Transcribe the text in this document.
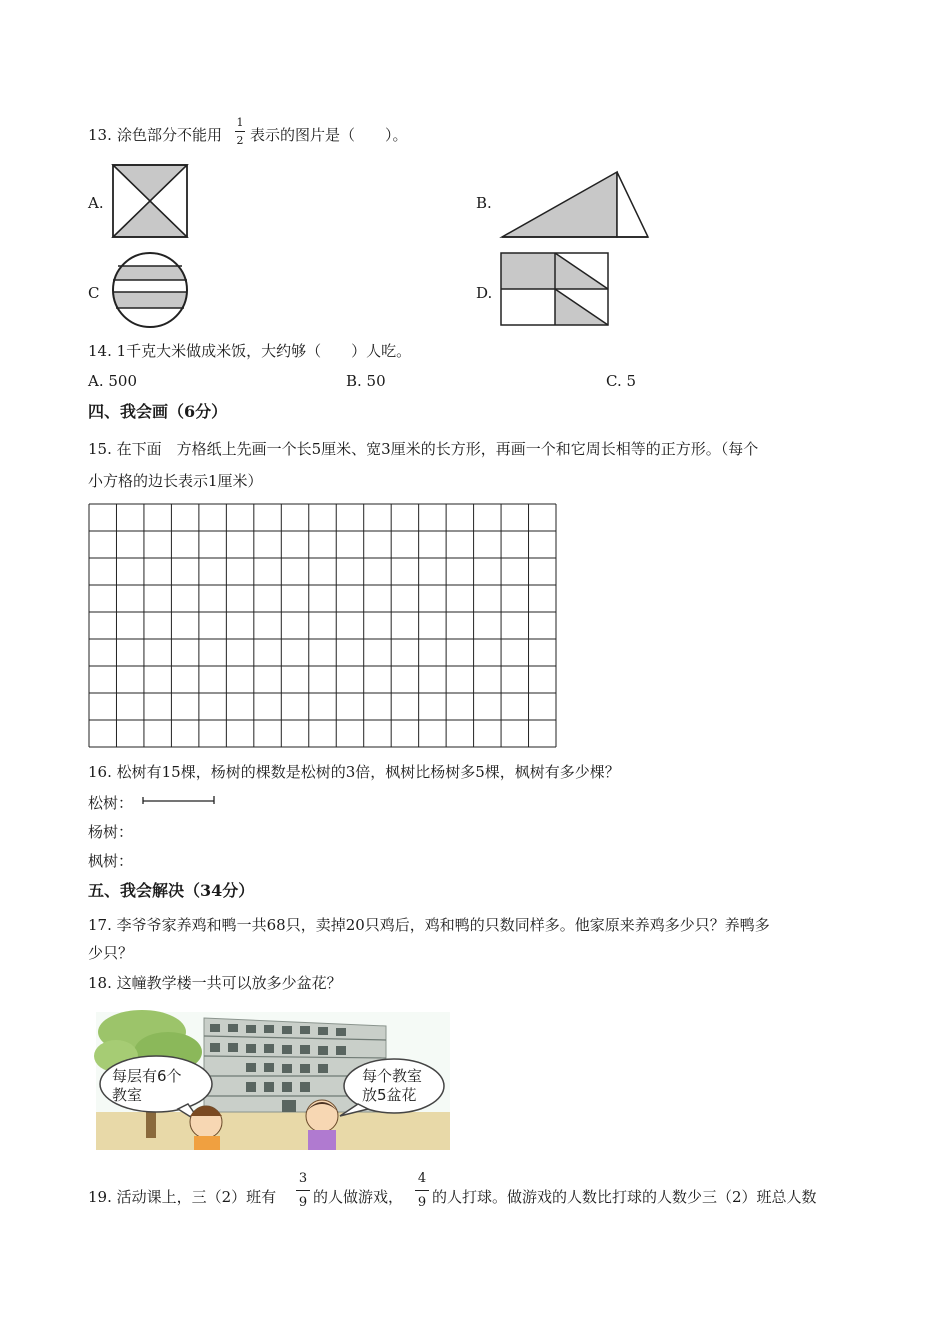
13. 涂色部分不能用
1
2 表示的图片是（　　）。
A.	B.
C	D.
14. 1千克大米做成米饭，大约够（　　）人吃。
A. 500	B. 50	C. 5
四、我会画（6分）
15. 在下面　方格纸上先画一个长5厘米、宽3厘米的长方形，再画一个和它周长相等的正方形。（每个
小方格的边长表示1厘米）
16. 松树有15棵，杨树的棵数是松树的3倍，枫树比杨树多5棵，枫树有多少棵？
松树：
杨树：
枫树：
五、我会解决（34分）
17. 李爷爷家养鸡和鸭一共68只，卖掉20只鸡后，鸡和鸭的只数同样多。他家原来养鸡多少只？养鸭多
少只？
18. 这幢教学楼一共可以放多少盆花？
每层有6个
教室
每个教室
放5盆花
19. 活动课上，三（2）班有
3
9 的人做游戏，
4
9 的人打球。做游戏的人数比打球的人数少三（2）班总人数
